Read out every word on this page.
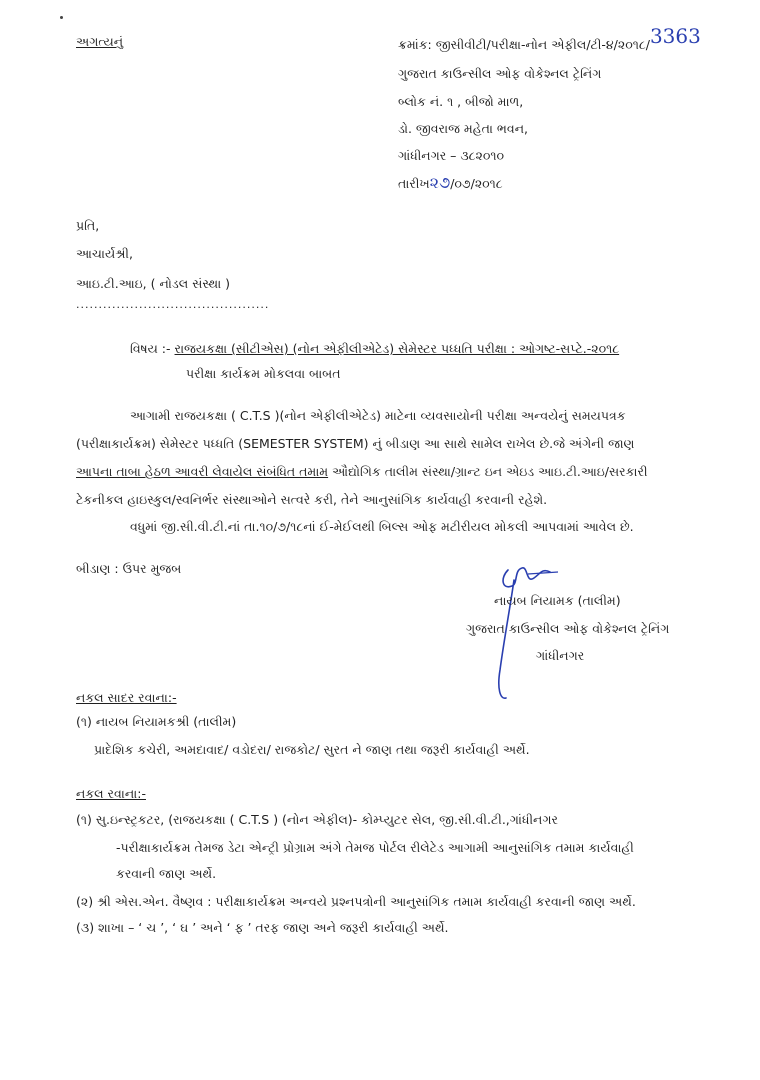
અગત્યનું	ક્રમાંક: જીસીવીટી/પરીક્ષા-નોન એફીલ/ટી-૪/૨૦૧૮/3363
ગુજરાત કાઉન્સીલ ઓફ વોકેશ્નલ ટ્રેનિંગ
બ્લોક નં. ૧ , બીજો માળ,
ડો. જીવરાજ મહેતા ભવન,
ગાંધીનગર – ૩૮૨૦૧૦
તારીખ૨૭/૦૭/૨૦૧૮
પ્રતિ,
આચાર્યશ્રી,
આઇ.ટી.આઇ, ( નોડલ સંસ્થા )
...........................................
વિષય :- રાજયકક્ષા (સીટીએસ) (નોન એફીલીએટેડ) સેમેસ્ટર પધ્ધતિ પરીક્ષા : ઓગષ્ટ-સપ્ટે.-૨૦૧૮
પરીક્ષા કાર્યક્રમ મોકલવા બાબત
આગામી રાજયકક્ષા ( C.T.S )(નોન એફીલીએટેડ) માટેના વ્યવસાયોની પરીક્ષા અન્વયેનું સમયપત્રક
(પરીક્ષાકાર્યક્રમ) સેમેસ્ટર પધ્ધતિ (SEMESTER SYSTEM) નું બીડાણ આ સાથે સામેલ રાખેલ છે.જે અંગેની જાણ
આપના તાબા હેઠળ આવરી લેવાયેલ સંબંધિત તમામ ઔદ્યોગિક તાલીમ સંસ્થા/ગ્રાન્ટ ઇન એઇડ આઇ.ટી.આઇ/સરકારી
ટેકનીકલ હાઇસ્કુલ/સ્વનિર્ભર સંસ્થાઓને સત્વરે કરી, તેને આનુસાંગિક કાર્યવાહી કરવાની રહેશે.
વધુમાં જી.સી.વી.ટી.નાં તા.૧૦/૭/૧૮નાં ઈ-મેઈલથી બિલ્સ ઓફ મટીરીયલ મોકલી આપવામાં આવેલ છે.
બીડાણ : ઉપર મુજબ
નાયબ નિયામક (તાલીમ)
ગુજરાત કાઉન્સીલ ઓફ વોકેશ્નલ ટ્રેનિંગ
ગાંધીનગર
નકલ સાદર રવાના:-
(૧) નાયબ નિયામકશ્રી (તાલીમ)
પ્રાદેશિક કચેરી, અમદાવાદ/ વડોદરા/ રાજકોટ/ સુરત ને જાણ તથા જરૂરી કાર્યવાહી અર્થે.
નકલ રવાના:-
(૧) સુ.ઇન્સ્ટ્રકટર, (રાજયકક્ષા ( C.T.S ) (નોન એફીલ)- કોમ્પ્યુટર સેલ, જી.સી.વી.ટી.,ગાંધીનગર
-પરીક્ષાકાર્યક્રમ તેમજ ડેટા એન્ટ્રી પ્રોગ્રામ અંગે તેમજ પોર્ટલ રીલેટેડ આગામી આનુસાંગિક તમામ કાર્યવાહી
કરવાની જાણ અર્થે.
(૨) શ્રી એસ.એન. વૈષ્ણવ : પરીક્ષાકાર્યક્રમ અન્વયે પ્રશ્નપત્રોની આનુસાંગિક તમામ કાર્યવાહી કરવાની જાણ અર્થે.
(૩) શાખા – ‘ ચ ’, ‘ ઘ ’ અને ‘ ફ ’ તરફ જાણ અને જરૂરી કાર્યવાહી અર્થે.
